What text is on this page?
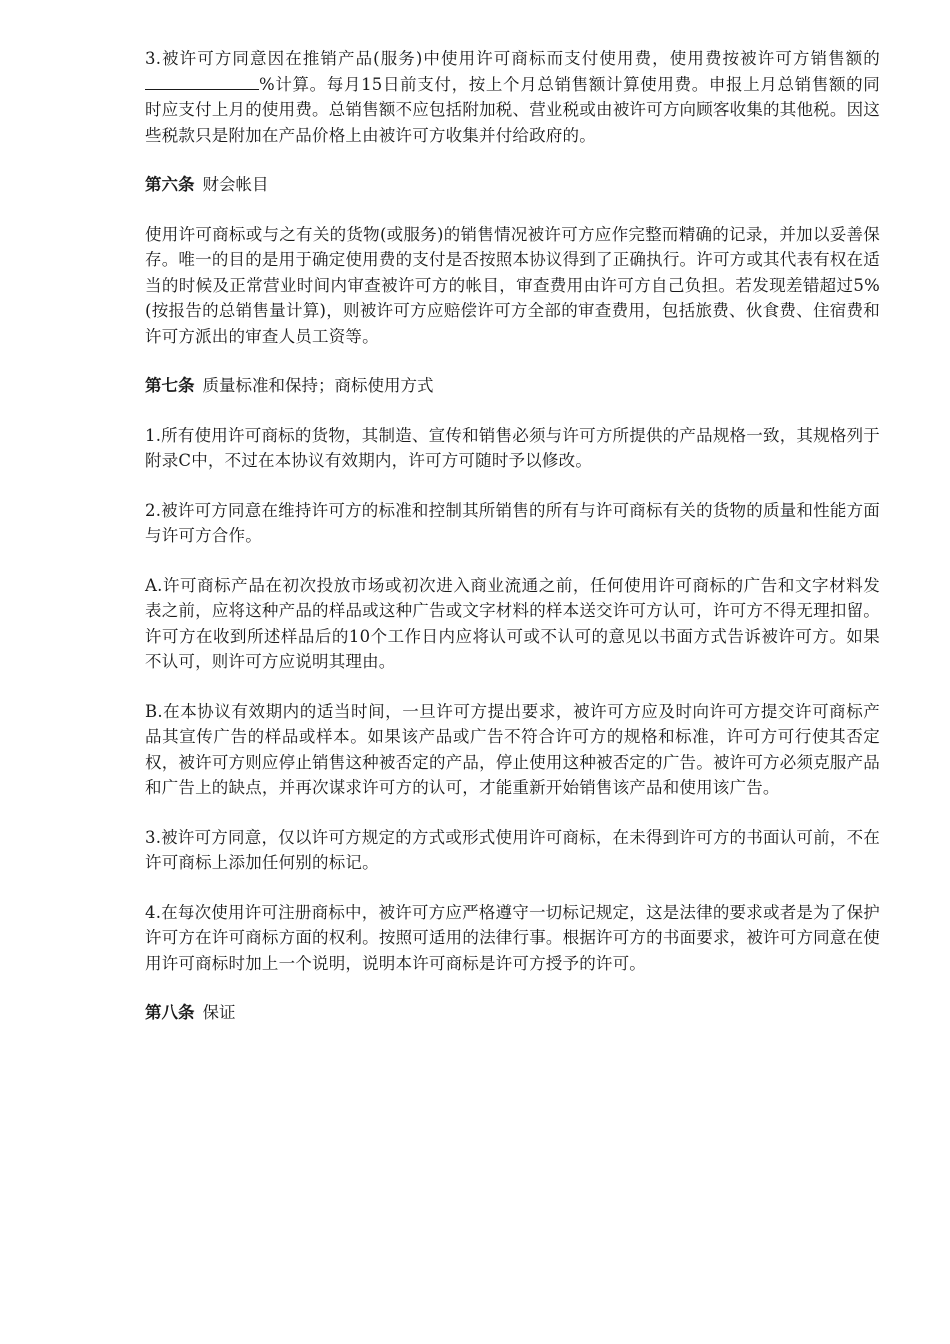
3.被许可方同意因在推销产品(服务)中使用许可商标而支付使用费，使用费按被许可方销售额的%计算。每月15日前支付，按上个月总销售额计算使用费。申报上月总销售额的同时应支付上月的使用费。总销售额不应包括附加税、营业税或由被许可方向顾客收集的其他税。因这些税款只是附加在产品价格上由被许可方收集并付给政府的。

第六条 财会帐目

使用许可商标或与之有关的货物(或服务)的销售情况被许可方应作完整而精确的记录，并加以妥善保存。唯一的目的是用于确定使用费的支付是否按照本协议得到了正确执行。许可方或其代表有权在适当的时候及正常营业时间内审查被许可方的帐目，审查费用由许可方自己负担。若发现差错超过5%(按报告的总销售量计算)，则被许可方应赔偿许可方全部的审查费用，包括旅费、伙食费、住宿费和许可方派出的审查人员工资等。

第七条 质量标准和保持；商标使用方式

1.所有使用许可商标的货物，其制造、宣传和销售必须与许可方所提供的产品规格一致，其规格列于附录C中，不过在本协议有效期内，许可方可随时予以修改。

2.被许可方同意在维持许可方的标准和控制其所销售的所有与许可商标有关的货物的质量和性能方面与许可方合作。

A.许可商标产品在初次投放市场或初次进入商业流通之前，任何使用许可商标的广告和文字材料发表之前，应将这种产品的样品或这种广告或文字材料的样本送交许可方认可，许可方不得无理扣留。许可方在收到所述样品后的10个工作日内应将认可或不认可的意见以书面方式告诉被许可方。如果不认可，则许可方应说明其理由。

B.在本协议有效期内的适当时间，一旦许可方提出要求，被许可方应及时向许可方提交许可商标产品其宣传广告的样品或样本。如果该产品或广告不符合许可方的规格和标准，许可方可行使其否定权，被许可方则应停止销售这种被否定的产品，停止使用这种被否定的广告。被许可方必须克服产品和广告上的缺点，并再次谋求许可方的认可，才能重新开始销售该产品和使用该广告。

3.被许可方同意，仅以许可方规定的方式或形式使用许可商标，在未得到许可方的书面认可前，不在许可商标上添加任何别的标记。

4.在每次使用许可注册商标中，被许可方应严格遵守一切标记规定，这是法律的要求或者是为了保护许可方在许可商标方面的权利。按照可适用的法律行事。根据许可方的书面要求，被许可方同意在使用许可商标时加上一个说明，说明本许可商标是许可方授予的许可。

第八条 保证
